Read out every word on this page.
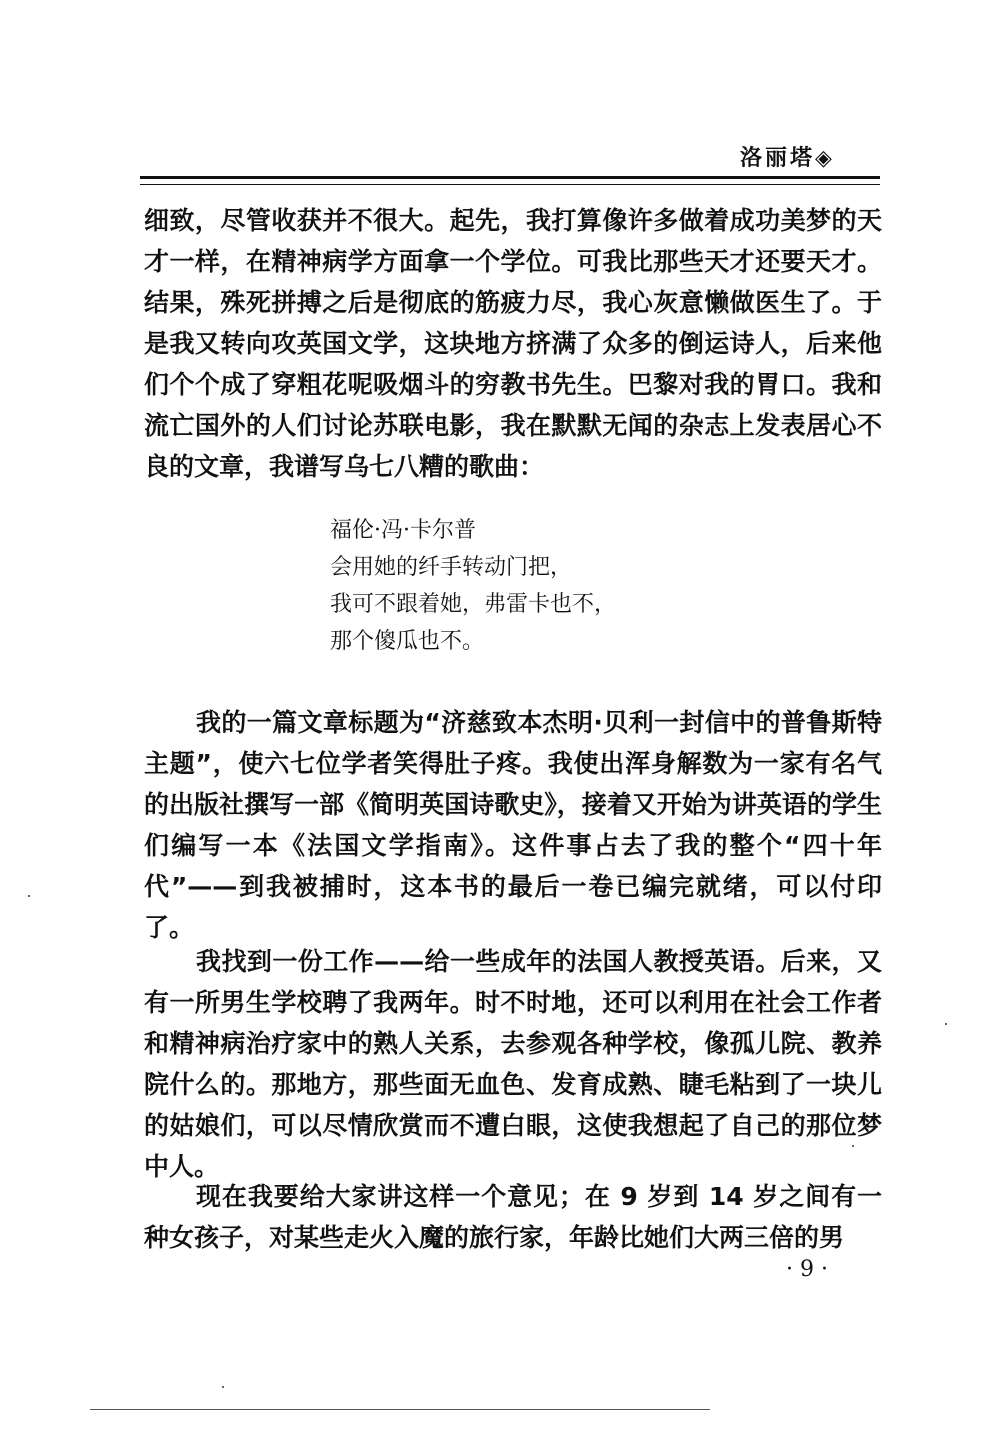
洛丽塔◈

细致，尽管收获并不很大。起先，我打算像许多做着成功美梦的天才一样，在精神病学方面拿一个学位。可我比那些天才还要天才。结果，殊死拼搏之后是彻底的筋疲力尽，我心灰意懒做医生了。于是我又转向攻英国文学，这块地方挤满了众多的倒运诗人，后来他们个个成了穿粗花呢吸烟斗的穷教书先生。巴黎对我的胃口。我和流亡国外的人们讨论苏联电影，我在默默无闻的杂志上发表居心不良的文章，我谱写乌七八糟的歌曲：

福伦·冯·卡尔普
会用她的纤手转动门把，
我可不跟着她，弗雷卡也不，
那个傻瓜也不。

我的一篇文章标题为“济慈致本杰明·贝利一封信中的普鲁斯特主题”，使六七位学者笑得肚子疼。我使出浑身解数为一家有名气的出版社撰写一部《简明英国诗歌史》，接着又开始为讲英语的学生们编写一本《法国文学指南》。这件事占去了我的整个“四十年代”——到我被捕时，这本书的最后一卷已编完就绪，可以付印了。

我找到一份工作——给一些成年的法国人教授英语。后来，又有一所男生学校聘了我两年。时不时地，还可以利用在社会工作者和精神病治疗家中的熟人关系，去参观各种学校，像孤儿院、教养院什么的。那地方，那些面无血色、发育成熟、睫毛粘到了一块儿的姑娘们，可以尽情欣赏而不遭白眼，这使我想起了自己的那位梦中人。

现在我要给大家讲这样一个意见；在 9 岁到 14 岁之间有一种女孩子，对某些走火入魔的旅行家，年龄比她们大两三倍的男

· 9 ·
